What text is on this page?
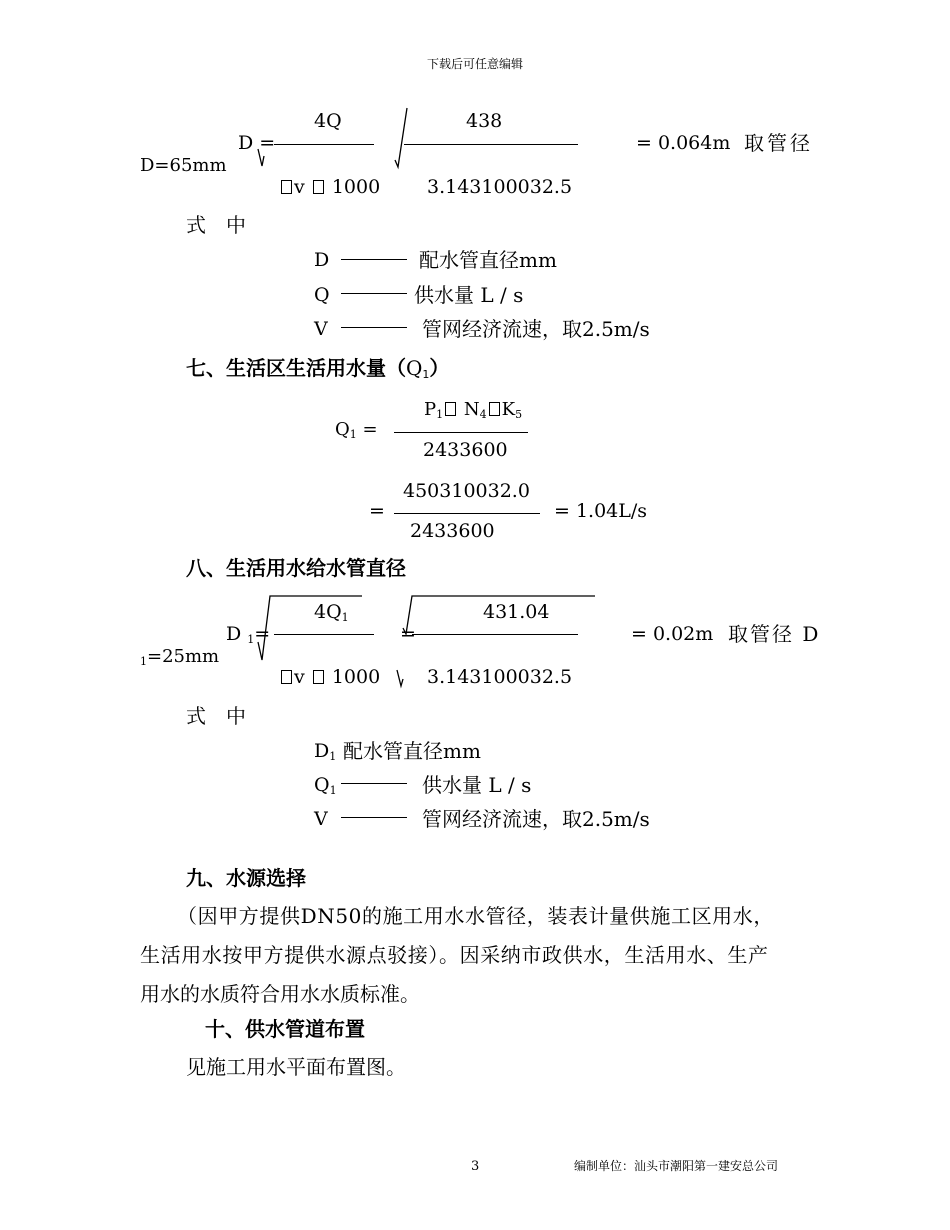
下载后可任意编辑
D =
4Q	438
= 0.064m 取管径
D=65mm
v 1000 3.143100032.5
式　中
D	配水管直径mm
Q	供水量 L / s
V	管网经济流速，取2.5m/s
七、生活区生活用水量$(Q_1)$
$Q_1$ =
$P_1$ $N_4$ $K_5$
2433600
=
450310032.0
2433600
= 1.04L/s
八、生活用水给水管直径
D $_1$=
$4Q_1$
=
431.04
= 0.02m 取管径 D
$_1$=25mm
v 1000 3.143100032.5
式　中
$D_1$ 配水管直径mm
$Q_1$	供水量 L / s
V	管网经济流速，取2.5m/s
九、水源选择
（因甲方提供DN50的施工用水水管径，装表计量供施工区用水，
生活用水按甲方提供水源点驳接）。因采纳市政供水，生活用水、生产
用水的水质符合用水水质标准。
十、供水管道布置
见施工用水平面布置图。
3	编制单位：汕头市潮阳第一建安总公司
